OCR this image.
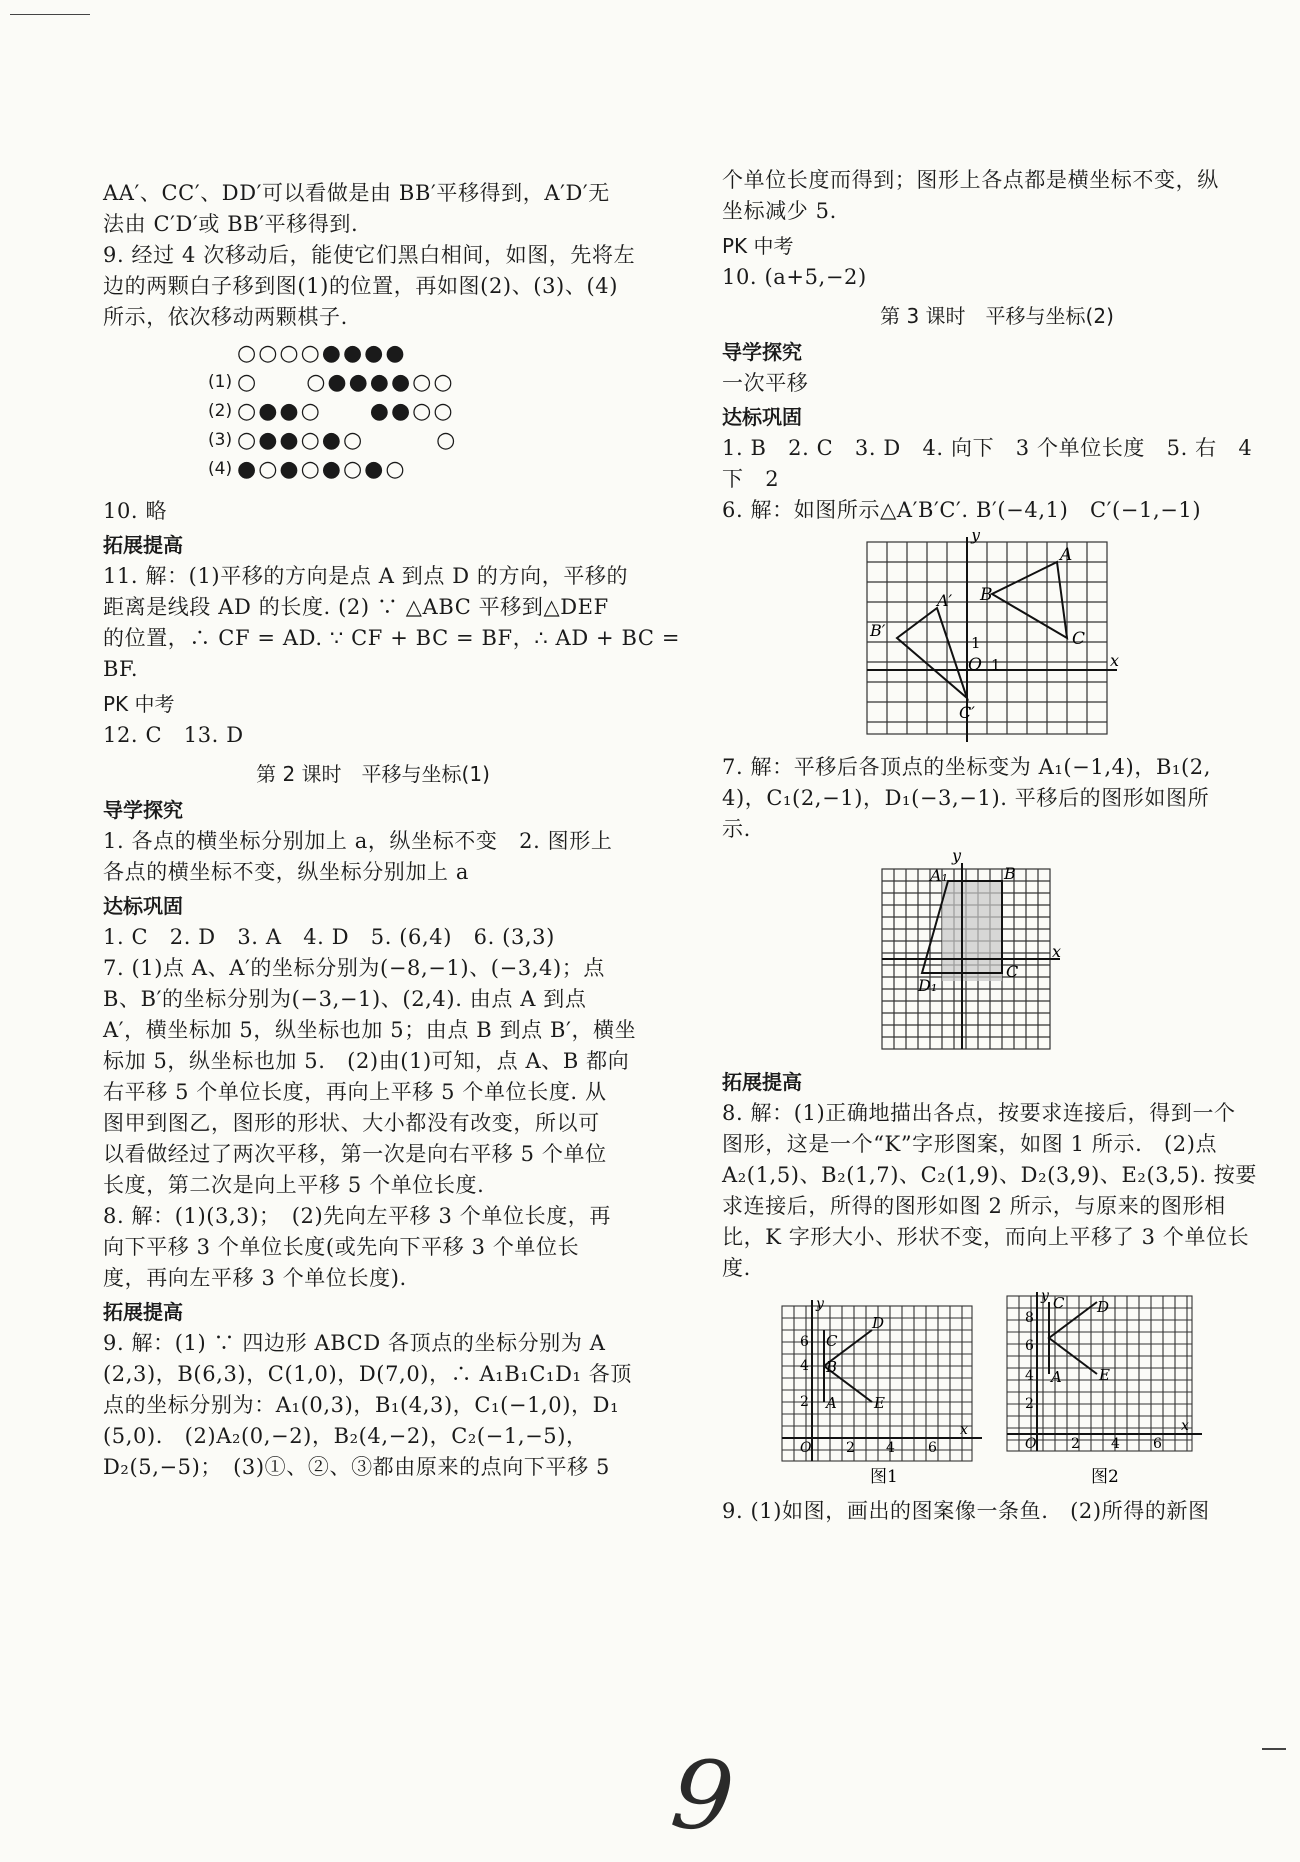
AA′、CC′、DD′可以看做是由 BB′平移得到，A′D′无
法由 C′D′或 BB′平移得到.
9. 经过 4 次移动后，能使它们黑白相间，如图，先将左
边的两颗白子移到图(1)的位置，再如图(2)、(3)、(4)
所示，依次移动两颗棋子.
○○○○●●●●
(1) ○　　○●●●●○○
(2) ○●●○　　●●○○
(3) ○●●○●○　　　○
(4) ●○●○●○●○
10. 略
拓展提高
11. 解：(1)平移的方向是点 A 到点 D 的方向，平移的
距离是线段 AD 的长度. (2) ∵ △ABC 平移到△DEF
的位置，∴ CF = AD. ∵ CF + BC = BF，∴ AD + BC =
BF.
PK 中考
12. C　13. D
第 2 课时　平移与坐标(1)
导学探究
1. 各点的横坐标分别加上 a，纵坐标不变　2. 图形上
各点的横坐标不变，纵坐标分别加上 a
达标巩固
1. C　2. D　3. A　4. D　5. (6,4)　6. (3,3)
7. (1)点 A、A′的坐标分别为(−8,−1)、(−3,4)；点
B、B′的坐标分别为(−3,−1)、(2,4). 由点 A 到点
A′，横坐标加 5，纵坐标也加 5；由点 B 到点 B′，横坐
标加 5，纵坐标也加 5.　(2)由(1)可知，点 A、B 都向
右平移 5 个单位长度，再向上平移 5 个单位长度. 从
图甲到图乙，图形的形状、大小都没有改变，所以可
以看做经过了两次平移，第一次是向右平移 5 个单位
长度，第二次是向上平移 5 个单位长度.
8. 解：(1)(3,3)；　(2)先向左平移 3 个单位长度，再
向下平移 3 个单位长度(或先向下平移 3 个单位长
度，再向左平移 3 个单位长度).
拓展提高
9. 解：(1) ∵ 四边形 ABCD 各顶点的坐标分别为 A
(2,3)，B(6,3)，C(1,0)，D(7,0)，∴ A₁B₁C₁D₁ 各顶
点的坐标分别为：A₁(0,3)，B₁(4,3)，C₁(−1,0)，D₁
(5,0).　(2)A₂(0,−2)，B₂(4,−2)，C₂(−1,−5)，
D₂(5,−5)；　(3)①、②、③都由原来的点向下平移 5
个单位长度而得到；图形上各点都是横坐标不变，纵
坐标减少 5.
PK 中考
10. (a+5,−2)
第 3 课时　平移与坐标(2)
导学探究
一次平移
达标巩固
1. B　2. C　3. D　4. 向下　3 个单位长度　5. 右　4
下　2
6. 解：如图所示△A′B′C′. B′(−4,1)　C′(−1,−1)
y
x
A
B
C
A′
B′
C′
O 1
1
7. 解：平移后各顶点的坐标变为 A₁(−1,4)，B₁(2,
4)，C₁(2,−1)，D₁(−3,−1). 平移后的图形如图所
示.
y
x
A₁	B
C
D₁
拓展提高
8. 解：(1)正确地描出各点，按要求连接后，得到一个
图形，这是一个“K”字形图案，如图 1 所示.　(2)点
A₂(1,5)、B₂(1,7)、C₂(1,9)、D₂(3,9)、E₂(3,5). 按要
求连接后，所得的图形如图 2 所示，与原来的图形相
比，K 字形大小、形状不变，而向上平移了 3 个单位长
度.
y
x
O
6
4
2
2 4 6
C
D
B
A E
图1
y
x
O
8
6
4
2
2 4 6
C D
E
A
图2
9. (1)如图，画出的图案像一条鱼.　(2)所得的新图
9
